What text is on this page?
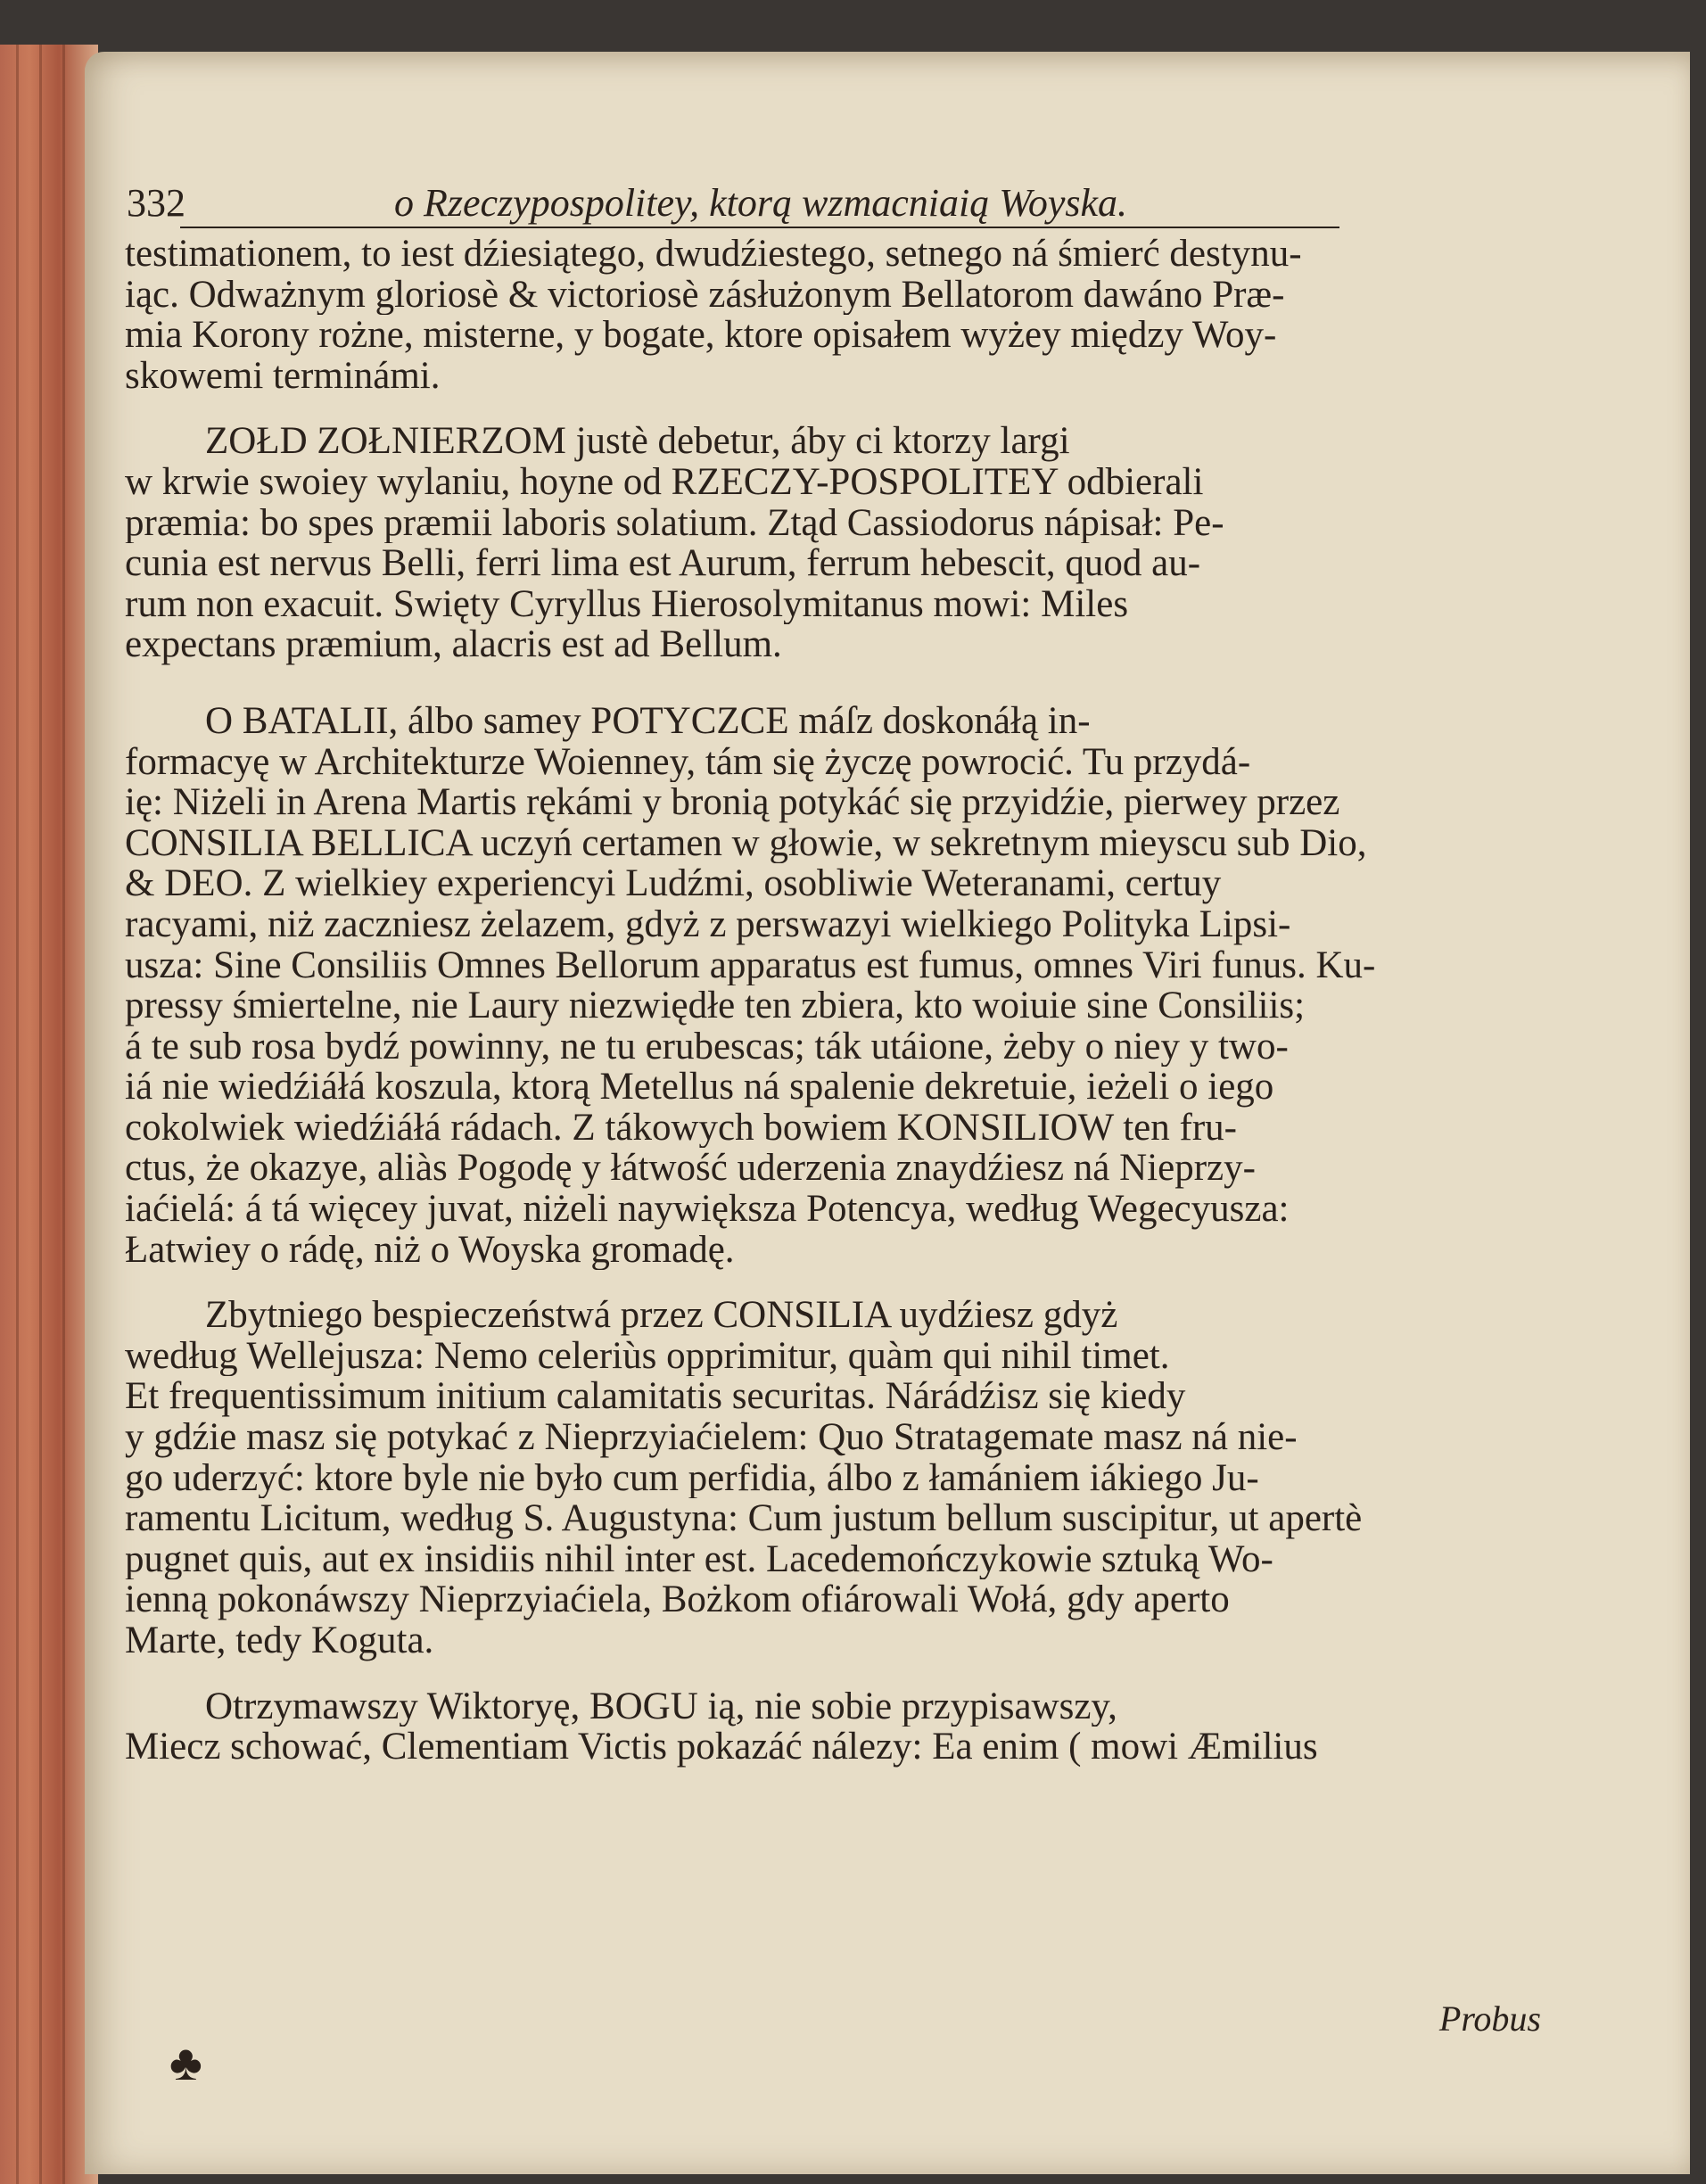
332	o Rzeczypospolitey, ktorą wzmacniaią Woyska.
testimationem, to iest dźiesiątego, dwudźiestego, setnego ná śmierć destynu-
iąc. Odważnym gloriosè & victoriosè zásłużonym Bellatorom dawáno Præ-
mia Korony rożne, misterne, y bogate, ktore opisałem wyżey między Woy-
skowemi terminámi.
ZOŁD ZOŁNIERZOM justè debetur, áby ci ktorzy largi
w krwie swoiey wylaniu, hoyne od RZECZY-POSPOLITEY odbierali
præmia: bo spes præmii laboris solatium. Ztąd Cassiodorus nápisał: Pe-
cunia est nervus Belli, ferri lima est Aurum, ferrum hebescit, quod au-
rum non exacuit. Swięty Cyryllus Hierosolymitanus mowi: Miles
expectans præmium, alacris est ad Bellum.
O BATALII, álbo samey POTYCZCE máſz doskonáłą in-
formacyę w Architekturze Woienney, tám się życzę powrocić. Tu przydá-
ię: Niżeli in Arena Martis rękámi y bronią potykáć się przyidźie, pierwey przez
CONSILIA BELLICA uczyń certamen w głowie, w sekretnym mieyscu sub Dio,
& DEO. Z wielkiey experiencyi Ludźmi, osobliwie Weteranami, certuy
racyami, niż zaczniesz żelazem, gdyż z perswazyi wielkiego Polityka Lipsi-
usza: Sine Consiliis Omnes Bellorum apparatus est fumus, omnes Viri funus. Ku-
pressy śmiertelne, nie Laury niezwiędłe ten zbiera, kto woiuie sine Consiliis;
á te sub rosa bydź powinny, ne tu erubescas; ták utáione, żeby o niey y two-
iá nie wiedźiáłá koszula, ktorą Metellus ná spalenie dekretuie, ieżeli o iego
cokolwiek wiedźiáłá rádach. Z tákowych bowiem KONSILIOW ten fru-
ctus, że okazye, aliàs Pogodę y łátwość uderzenia znaydźiesz ná Nieprzy-
iaćielá: á tá więcey juvat, niżeli naywiększa Potencya, według Wegecyusza:
Łatwiey o rádę, niż o Woyska gromadę.
Zbytniego bespieczeństwá przez CONSILIA uydźiesz gdyż
według Wellejusza: Nemo celeriùs opprimitur, quàm qui nihil timet.
Et frequentissimum initium calamitatis securitas. Nárádźisz się kiedy
y gdźie masz się potykać z Nieprzyiaćielem: Quo Stratagemate masz ná nie-
go uderzyć: ktore byle nie było cum perfidia, álbo z łamániem iákiego Ju-
ramentu Licitum, według S. Augustyna: Cum justum bellum suscipitur, ut apertè
pugnet quis, aut ex insidiis nihil inter est. Lacedemończykowie sztuką Wo-
ienną pokonáwszy Nieprzyiaćiela, Bożkom ofiárowali Wołá, gdy aperto
Marte, tedy Koguta.
Otrzymawszy Wiktoryę, BOGU ią, nie sobie przypisawszy,
Miecz schować, Clementiam Victis pokazáć nálezy: Ea enim ( mowi Æmilius
Probus
♣
